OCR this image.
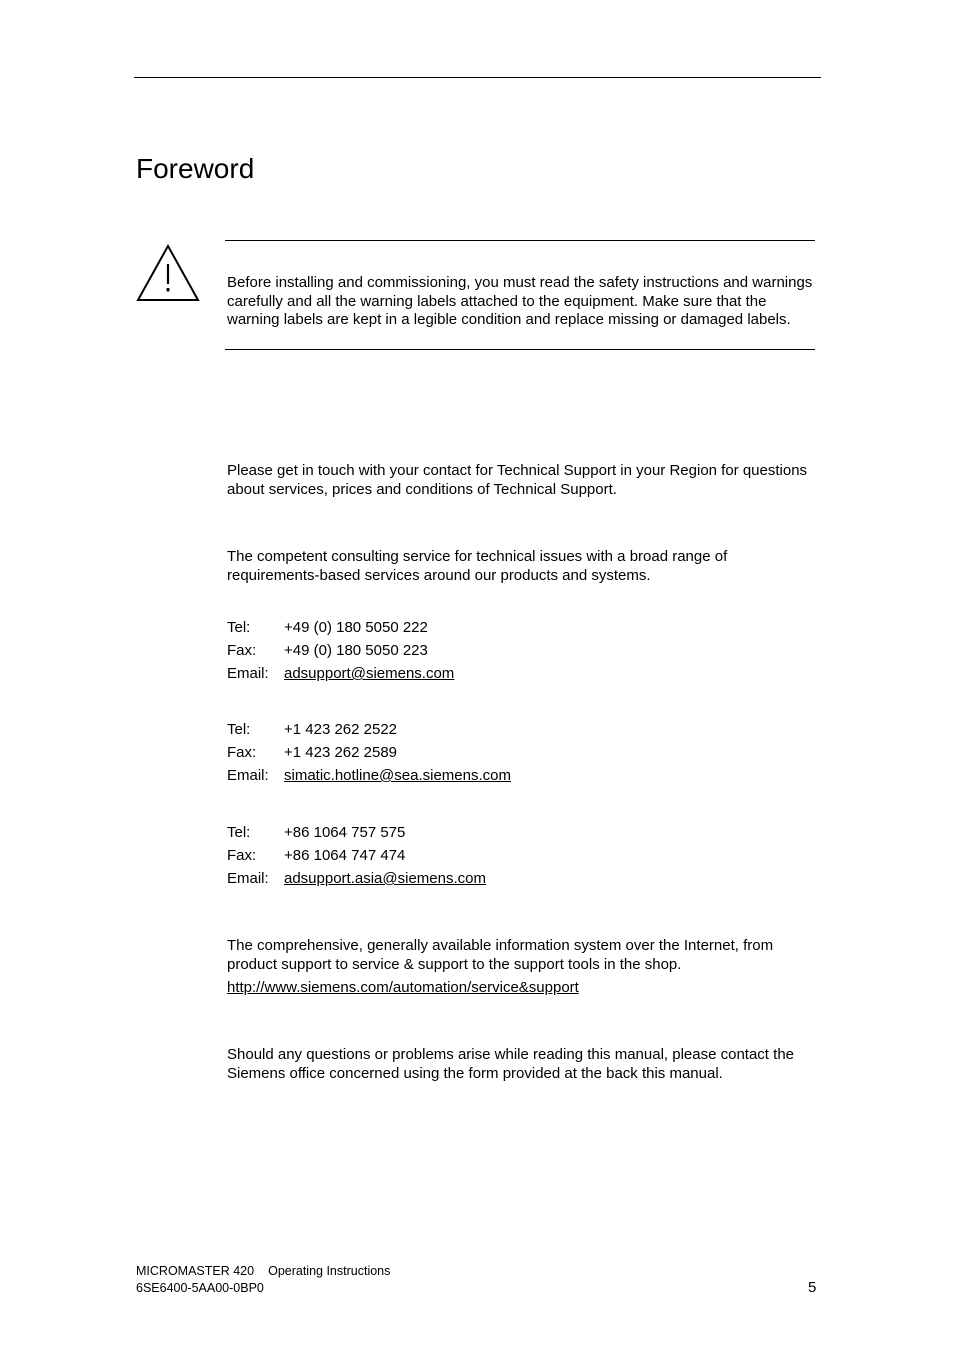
Foreword

Before installing and commissioning, you must read the safety instructions and warnings carefully and all the warning labels attached to the equipment. Make sure that the warning labels are kept in a legible condition and replace missing or damaged labels.

Please get in touch with your contact for Technical Support in your Region for questions about services, prices and conditions of Technical Support.

The competent consulting service for technical issues with a broad range of requirements-based services around our products and systems.

Tel:	+49 (0) 180 5050 222
Fax:	+49 (0) 180 5050 223
Email:	adsupport@siemens.com
Tel:	+1 423 262 2522
Fax:	+1 423 262 2589
Email:	simatic.hotline@sea.siemens.com
Tel:	+86 1064 757 575
Fax:	+86 1064 747 474
Email:	adsupport.asia@siemens.com

The comprehensive, generally available information system over the Internet, from product support to service & support to the support tools in the shop.

http://www.siemens.com/automation/service&support

Should any questions or problems arise while reading this manual, please contact the Siemens office concerned using the form provided at the back this manual.

MICROMASTER 420 Operating Instructions
6SE6400-5AA00-0BP0	5
